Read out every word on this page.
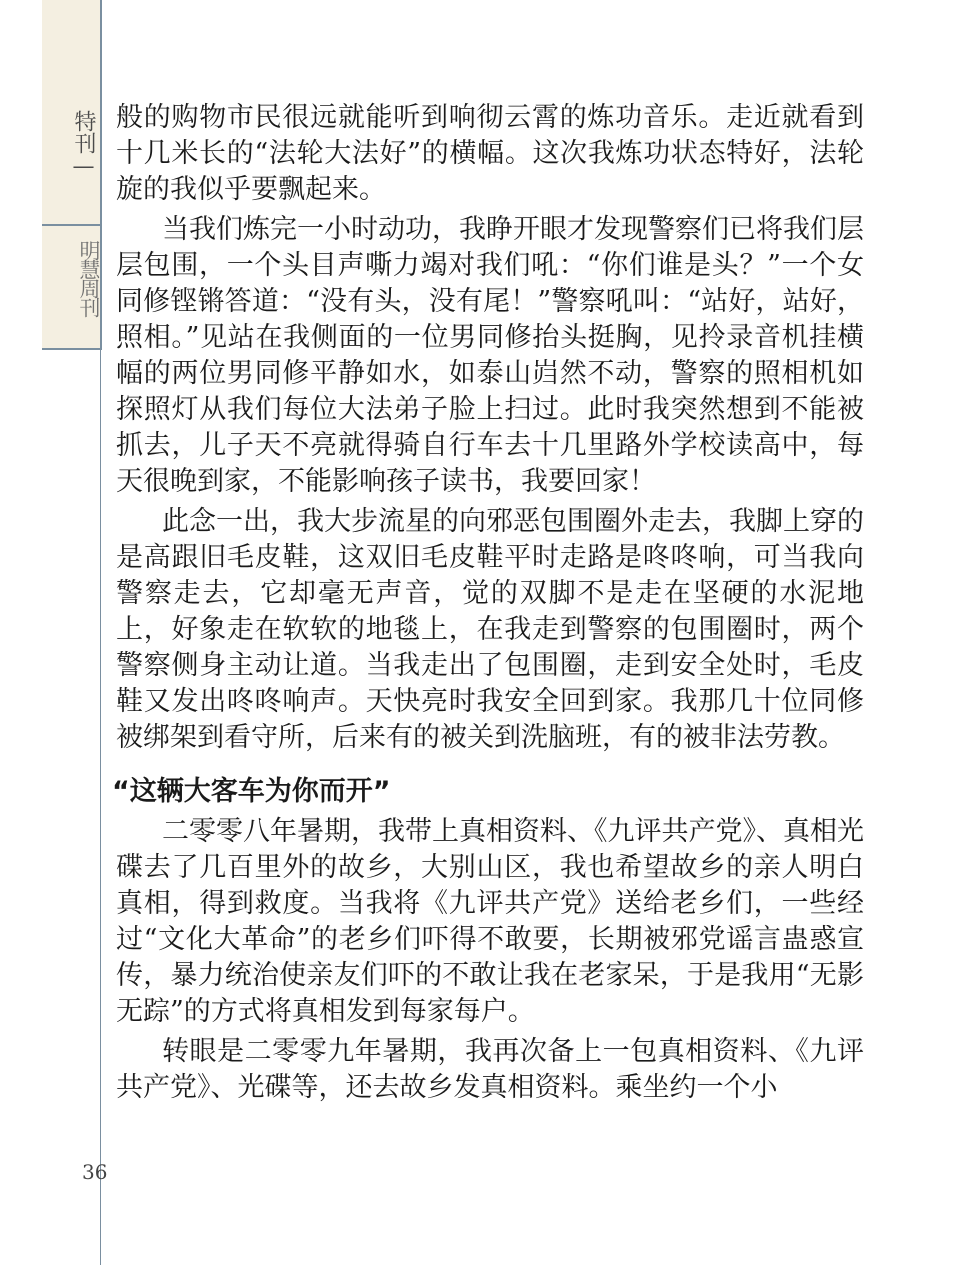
特刊—
明慧周刊

般的购物市民很远就能听到响彻云霄的炼功音乐。走近就看到十几米长的“法轮大法好”的横幅。这次我炼功状态特好，法轮旋的我似乎要飘起来。

当我们炼完一小时动功，我睁开眼才发现警察们已将我们层层包围，一个头目声嘶力竭对我们吼：“你们谁是头？”一个女同修铿锵答道：“没有头，没有尾！”警察吼叫：“站好，站好，照相。”见站在我侧面的一位男同修抬头挺胸，见拎录音机挂横幅的两位男同修平静如水，如泰山岿然不动，警察的照相机如探照灯从我们每位大法弟子脸上扫过。此时我突然想到不能被抓去，儿子天不亮就得骑自行车去十几里路外学校读高中，每天很晚到家，不能影响孩子读书，我要回家！

此念一出，我大步流星的向邪恶包围圈外走去，我脚上穿的是高跟旧毛皮鞋，这双旧毛皮鞋平时走路是咚咚响，可当我向警察走去，它却毫无声音，觉的双脚不是走在坚硬的水泥地上，好象走在软软的地毯上，在我走到警察的包围圈时，两个警察侧身主动让道。当我走出了包围圈，走到安全处时，毛皮鞋又发出咚咚响声。天快亮时我安全回到家。我那几十位同修被绑架到看守所，后来有的被关到洗脑班，有的被非法劳教。

“这辆大客车为你而开”

二零零八年暑期，我带上真相资料、《九评共产党》、真相光碟去了几百里外的故乡，大别山区，我也希望故乡的亲人明白真相，得到救度。当我将《九评共产党》送给老乡们，一些经过“文化大革命”的老乡们吓得不敢要，长期被邪党谣言蛊惑宣传，暴力统治使亲友们吓的不敢让我在老家呆，于是我用“无影无踪”的方式将真相发到每家每户。

转眼是二零零九年暑期，我再次备上一包真相资料、《九评共产党》、光碟等，还去故乡发真相资料。乘坐约一个小

36
